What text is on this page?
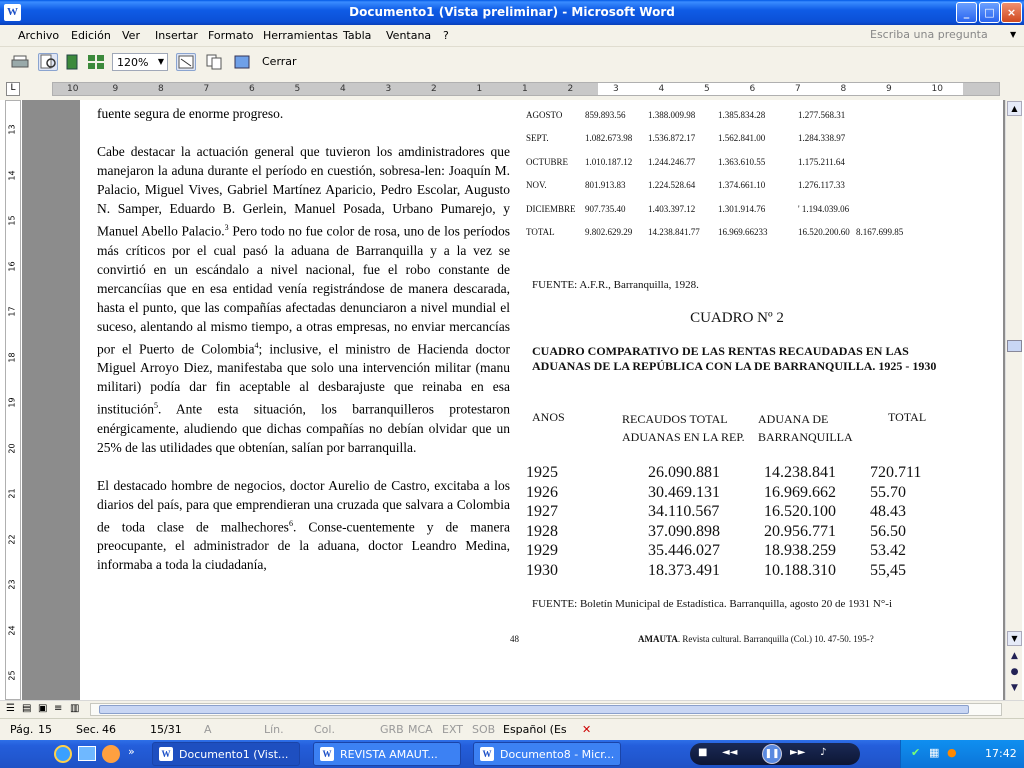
W	Documento1 (Vista preliminar) - Microsoft Word	_	□	×
Archivo Edición Ver Insertar Formato Herramientas Tabla Ventana ?	Escriba una pregunta	▼
120% ▼	Cerrar
L	10	9	8	7	6	5	4	3	2	1	1	2	3	4	5	6	7	8	9	10
13
14
15
16
17
18
19
20
21
22
23
24
25

fuente segura de enorme progreso.

Cabe destacar la actuación general que tuvieron los amdinistradores que manejaron la aduna durante el período en cuestión, sobresa-len: Joaquín M. Palacio, Miguel Vives, Gabriel Martínez Aparicio, Pedro Escolar, Augusto N. Samper, Eduardo B. Gerlein, Manuel Posada, Urbano Pumarejo, y Manuel Abello Palacio.$^3$ Pero todo no fue color de rosa, uno de los períodos más críticos por el cual pasó la aduana de Barranquilla y a la vez se convirtió en un escándalo a nivel nacional, fue el robo constante de mercancíias que en esa entidad venía registrándose de manera descarada, hasta el punto, que las compañías afectadas denunciaron a nivel mundial el suceso, alentando al mismo tiempo, a otras empresas, no enviar mercancías por el Puerto de Colombia$^4$; inclusive, el ministro de Hacienda doctor Miguel Arroyo Diez, manifestaba que solo una intervención militar (manu militari) podía dar fin aceptable al desbarajuste que reinaba en esa institución$^5$. Ante esta situación, los barranquilleros protestaron enérgicamente, aludiendo que dichas compañías no debían olvidar que un 25% de las utilidades que obtenían, salían por barranquilla.

El destacado hombre de negocios, doctor Aurelio de Castro, excitaba a los diarios del país, para que emprendieran una cruzada que salvara a Colombia de toda clase de malhechores$^6$. Conse-cuentemente y de manera preocupante, el administrador de la aduana, doctor Leandro Medina, informaba a toda la ciudadanía,

AGOSTO	859.893.56	1.388.009.98	1.385.834.28	1.277.568.31
SEPT.	1.082.673.98 1.536.872.17	1.562.841.00	1.284.338.97
OCTUBRE 1.010.187.12 1.244.246.77	1.363.610.55	1.175.211.64
NOV.	801.913.83	1.224.528.64	1.374.661.10	1.276.117.33
DICIEMBRE 907.735.40	1.403.397.12	1.301.914.76	' 1.194.039.06
TOTAL	9.802.629.29 14.238.841.77 16.969.66233	16.520.200.60 8.167.699.85
FUENTE: A.F.R., Barranquilla, 1928.
CUADRO Nº 2
CUADRO COMPARATIVO DE LAS RENTAS RECAUDADAS EN LAS ADUANAS DE LA REPÚBLICA CON LA DE BARRANQUILLA. 1925 - 1930
ANOS	RECAUDOS TOTAL
ADUANAS EN LA REP.
ADUANA DE
BARRANQUILLA
TOTAL
1925	26.090.881	14.238.841 720.711
1926	30.469.131	16.969.662 55.70
1927	34.110.567	16.520.100 48.43
1928	37.090.898	20.956.771 56.50
1929	35.446.027	18.938.259 53.42
1930	18.373.491	10.188.310 55,45
FUENTE: Boletín Municipal de Estadística. Barranquilla, agosto 20 de 1931 N°-i
48	AMAUTA. Revista cultural. Barranquilla (Col.) 10. 47-50. 195-?
▲
▼
▲
●
▼
☰ ▤ ▣ ≡ ▥
Pág. 15 Sec. 46	15/31 A	Lín.	Col.	GRB MCA EXT SOB Español (Es ✕
»	W Documento1 (Vist...	W REVISTA AMAUT...	W Documento8 - Micr...	■ ◄◄	❚❚ ►► ♪	✔ ▦ ●	17:42
